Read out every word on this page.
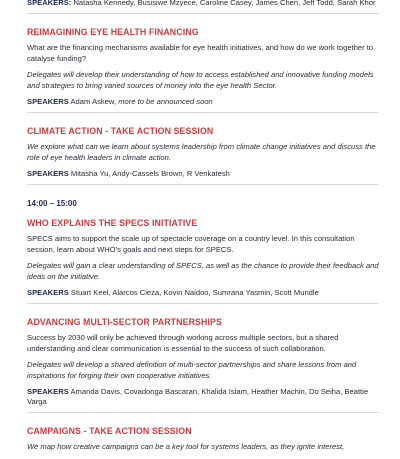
SPEAKERS: Natasha Kennedy, Busisiwe Mzyece, Caroline Casey, James Chen, Jeff Todd, Sarah Khor

REIMAGINING EYE HEALTH FINANCING

What are the financing mechanisms available for eye health initiatives, and how do we work together to catalyse funding?

Delegates will develop their understanding of how to access established and innovative funding models and strategies to bring varied sources of money into the eye health Sector.

SPEAKERS Adam Askew, more to be announced soon

CLIMATE ACTION - TAKE ACTION SESSION

We explore what can we learn about systems leadership from climate change initiatives and discuss the role of eye health leaders in climate action.

SPEAKERS Mitasha Yu, Andy-Cassels Brown, R Venkatesh

14:00 – 15:00
WHO EXPLAINS THE SPECS INITIATIVE

SPECS aims to support the scale up of spectacle coverage on a country level. In this consultation session, learn about WHO's goals and next steps for SPECS.

Delegates will gain a clear understanding of SPECS, as well as the chance to provide their feedback and ideas on the initiative.

SPEAKERS Stuart Keel, Alarcos Cieza, Kovin Naidoo, Sumrana Yasmin, Scott Mundle

ADVANCING MULTI-SECTOR PARTNERSHIPS

Success by 2030 will only be achieved through working across multiple sectors, but a shared understanding and clear communication is essential to the success of such collaboration.

Delegates will develop a shared definition of multi-sector partnerships and share lessons from and inspirations for forging their own cooperative initiatives.

SPEAKERS Amanda Davis, Covadonga Bascaran, Khalida Islam, Heather Machin, Do Seiha, Beattie Varga

CAMPAIGNS - TAKE ACTION SESSION

We map how creative campaigns can be a key tool for systems leaders, as they ignite interest,
